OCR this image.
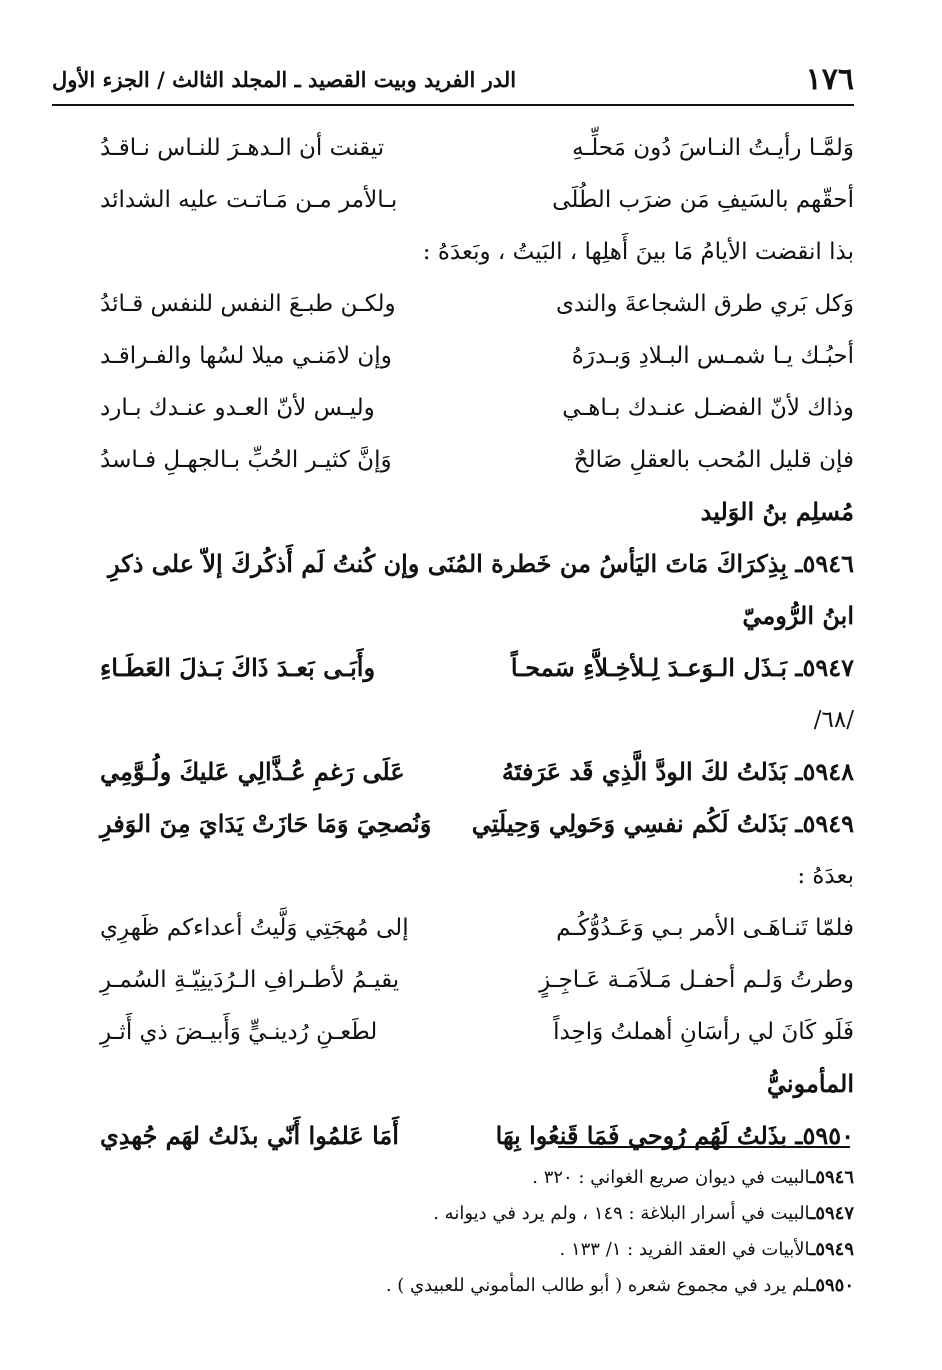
١٧٦
الدر الفريد وبيت القصيد ـ المجلد الثالث / الجزء الأول
وَلمَّـا رأيـتُ النـاسَ دُون مَحلِّـهِ
تيقنت أن الـدهـرَ للنـاس نـاقـدُ
أحقّهم بالسَيفِ مَن ضرَب الطُلَى
بـالأمر مـن مَـاتـت عليه الشدائد
بذا انقضت الأيامُ مَا بينَ أَهلِها ، البَيتُ ، وبَعدَهُ :
وَكل بَري طرق الشجاعةَ والندى
ولكـن طبـعَ النفس للنفس قـائدُ
أحبُـك يـا شمـس البـلادِ وَبـدرَهُ
وإن لامَنـي ميلا لسُها والفـراقـد
وذاك لأنّ الفضـل عنـدك بـاهـي
وليـس لأنّ العـدو عنـدك بـارد
فإن قليل المُحب بالعقلِ صَالحٌ
وَإنَّ كثيـر الحُبِّ بـالجهـلِ فـاسدُ
مُسلِم بنُ الوَليد
٥٩٤٦ـ بِذِكرَاكَ مَاتَ اليَأسُ من خَطرة المُنَى وإن كُنتُ لَم أَذكُركَ إلاّ على ذكرِ
ابنُ الرُّوميّ
٥٩٤٧ـ بَـذَل الـوَعـدَ لِـلأخِـلاَّءِ سَمحـاً
وأَبَـى بَعـدَ ذَاكَ بَـذلَ العَطَـاءِ
/٦٨/
٥٩٤٨ـ بَذَلتُ لكَ الودَّ الَّذِي قَد عَرَفتَهُ
عَلَى رَغمِ عُـذَّالِي عَليكَ ولُـوَّمِي
٥٩٤٩ـ بَذَلتُ لَكُم نفسِي وَحَولِي وَحِيلَتِي
وَنُصحِيَ وَمَا حَازَتْ يَدَايَ مِنَ الوَفرِ
بعدَهُ :
فلمّا تَنـاهَـى الأمر بـي وَعَـدُوُّكُـم
إلى مُهجَتِي وَلَّيتُ أعداءكم ظَهرِي
وطرتُ وَلـم أحفـل مَـلاَمَـة عَـاجِـزٍ
يقيـمُ لأطـرافِ الـرُدَينِيّـةِ السُمـرِ
فَلَو كَانَ لي رأسَانِ أهملتُ وَاحِداً
لطَعـنِ رُدينـيٍّ وَأَبيـضَ ذي أَثـرِ
المأمونيُّ
٥٩٥٠ـ بذَلتُ لَهُم رُوحي فَمَا قَنعُوا بِهَا
أَمَا عَلمُوا أَنّي بذَلتُ لهَم جُهدِي
٥٩٤٦ـالبيت في ديوان صريع الغواني : ٣٢٠ .
٥٩٤٧ـالبيت في أسرار البلاغة : ١٤٩ ، ولم يرد في ديوانه .
٥٩٤٩ـالأبيات في العقد الفريد : ١/ ١٣٣ .
٥٩٥٠ـلم يرد في مجموع شعره ( أبو طالب المأموني للعبيدي ) .
